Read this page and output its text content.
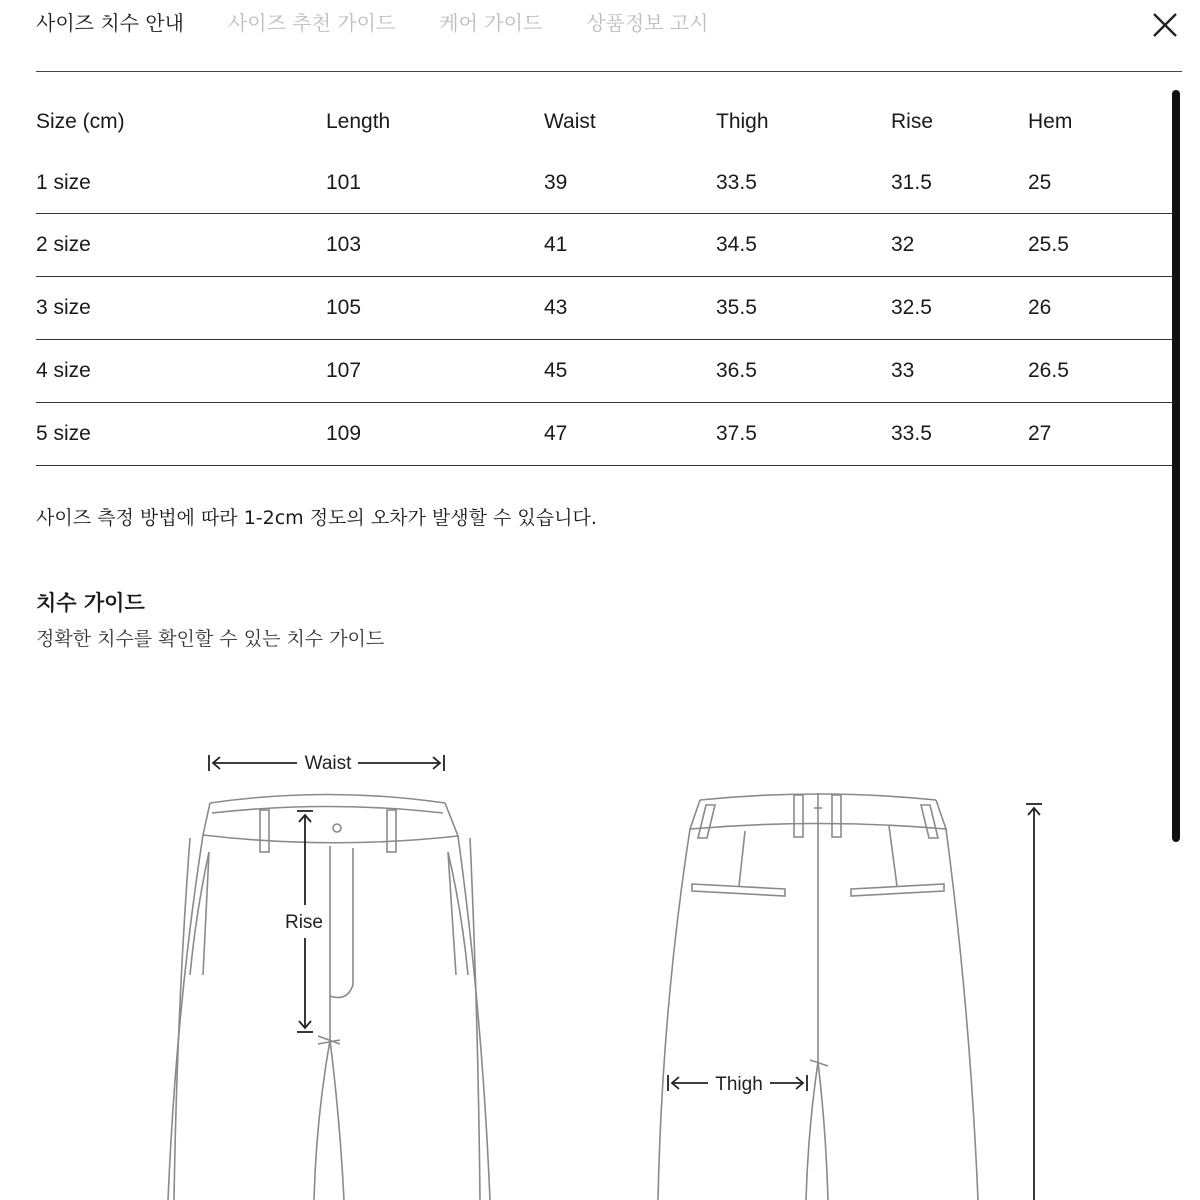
사이즈 치수 안내 사이즈 추천 가이드 케어 가이드 상품정보 고시
Size (cm)	Length	Waist	Thigh	Rise	Hem
1 size	101	39	33.5	31.5	25
2 size	103	41	34.5	32	25.5
3 size	105	43	35.5	32.5	26
4 size	107	45	36.5	33	26.5
5 size	109	47	37.5	33.5	27
사이즈 측정 방법에 따라 1-2cm 정도의 오차가 발생할 수 있습니다.
치수 가이드
정확한 치수를 확인할 수 있는 치수 가이드
Waist
Rise
Thigh
